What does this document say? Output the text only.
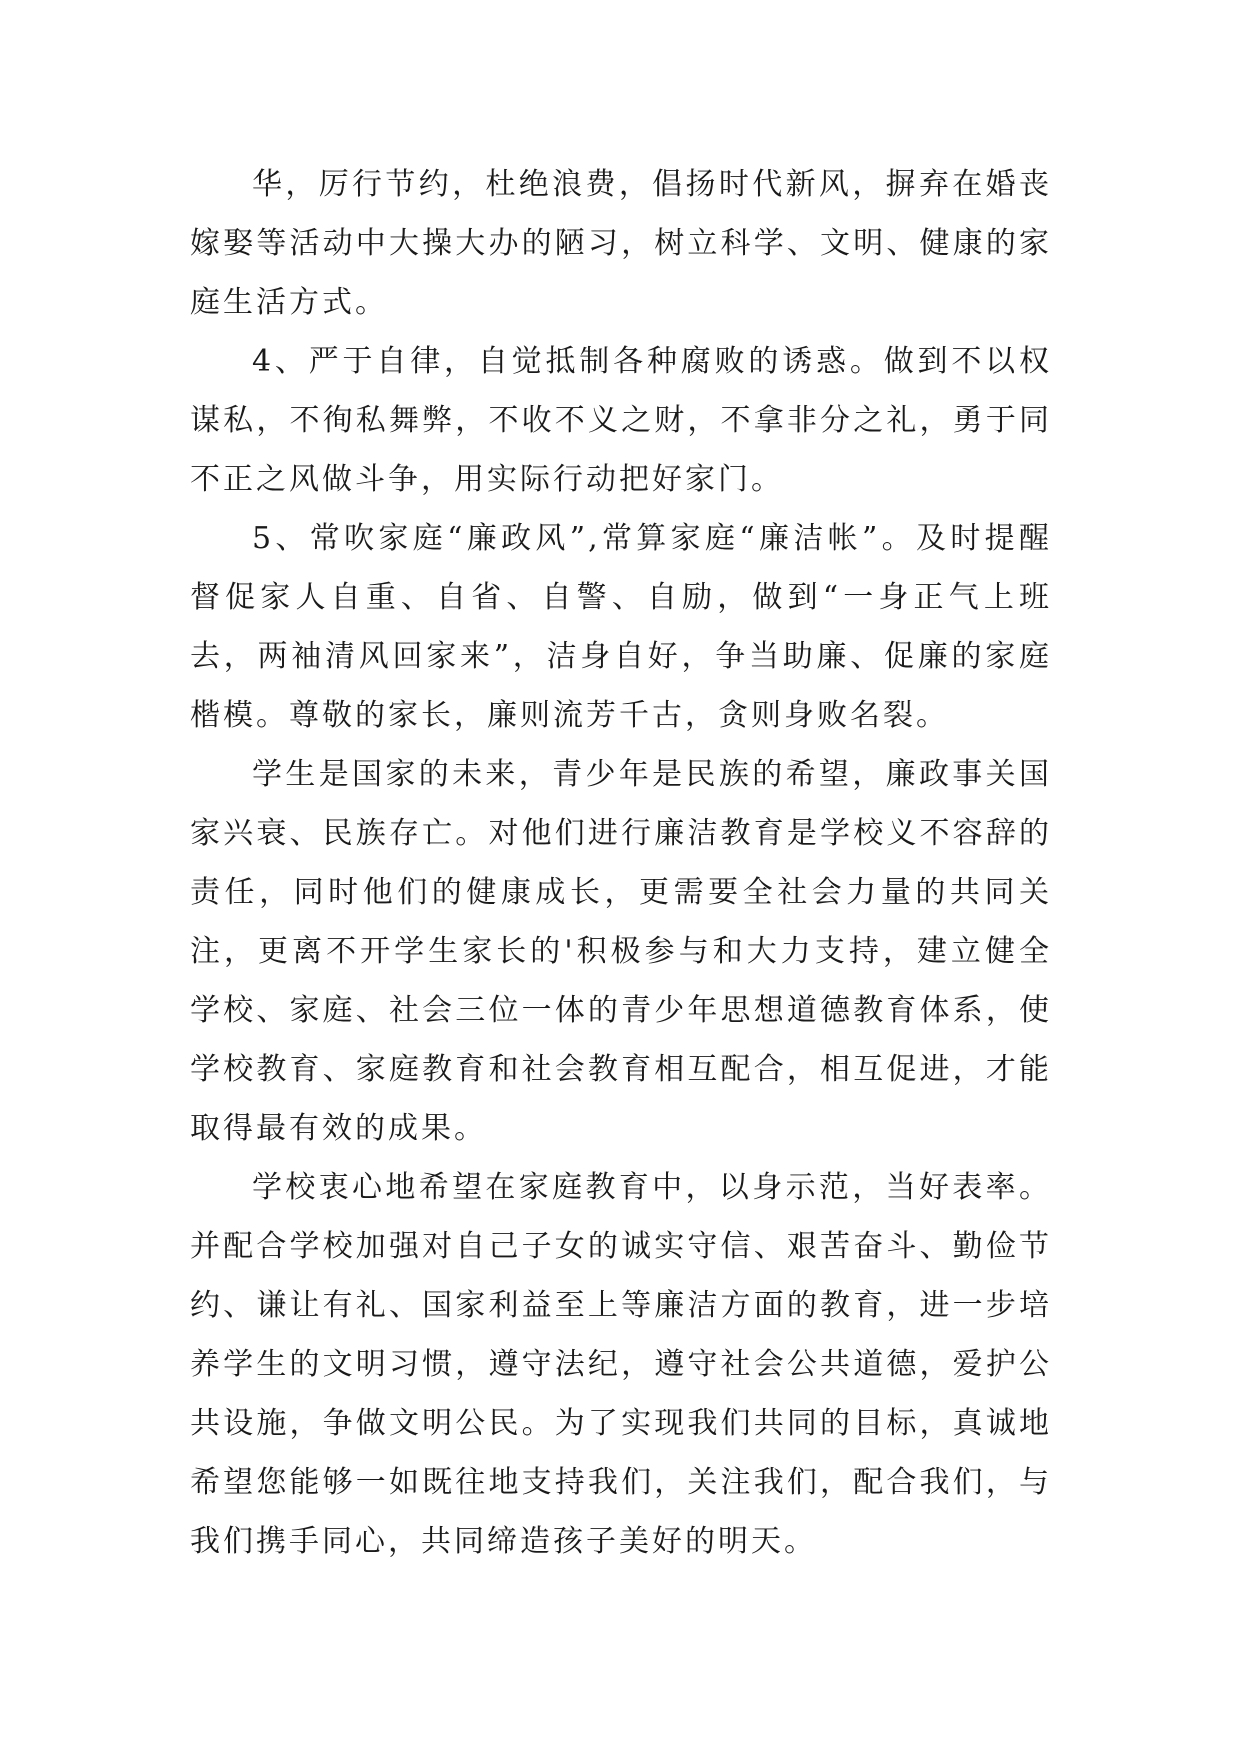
华，厉行节约，杜绝浪费，倡扬时代新风，摒弃在婚丧嫁娶等活动中大操大办的陋习，树立科学、文明、健康的家庭生活方式。

4、严于自律，自觉抵制各种腐败的诱惑。做到不以权谋私，不徇私舞弊，不收不义之财，不拿非分之礼，勇于同不正之风做斗争，用实际行动把好家门。

5、常吹家庭“廉政风”,常算家庭“廉洁帐”。及时提醒督促家人自重、自省、自警、自励，做到“一身正气上班去，两袖清风回家来”，洁身自好，争当助廉、促廉的家庭楷模。尊敬的家长，廉则流芳千古，贪则身败名裂。

学生是国家的未来，青少年是民族的希望，廉政事关国家兴衰、民族存亡。对他们进行廉洁教育是学校义不容辞的责任，同时他们的健康成长，更需要全社会力量的共同关注，更离不开学生家长的'积极参与和大力支持，建立健全学校、家庭、社会三位一体的青少年思想道德教育体系，使学校教育、家庭教育和社会教育相互配合，相互促进，才能取得最有效的成果。

学校衷心地希望在家庭教育中，以身示范，当好表率。并配合学校加强对自己子女的诚实守信、艰苦奋斗、勤俭节约、谦让有礼、国家利益至上等廉洁方面的教育，进一步培养学生的文明习惯，遵守法纪，遵守社会公共道德，爱护公共设施，争做文明公民。为了实现我们共同的目标，真诚地希望您能够一如既往地支持我们，关注我们，配合我们，与我们携手同心，共同缔造孩子美好的明天。
